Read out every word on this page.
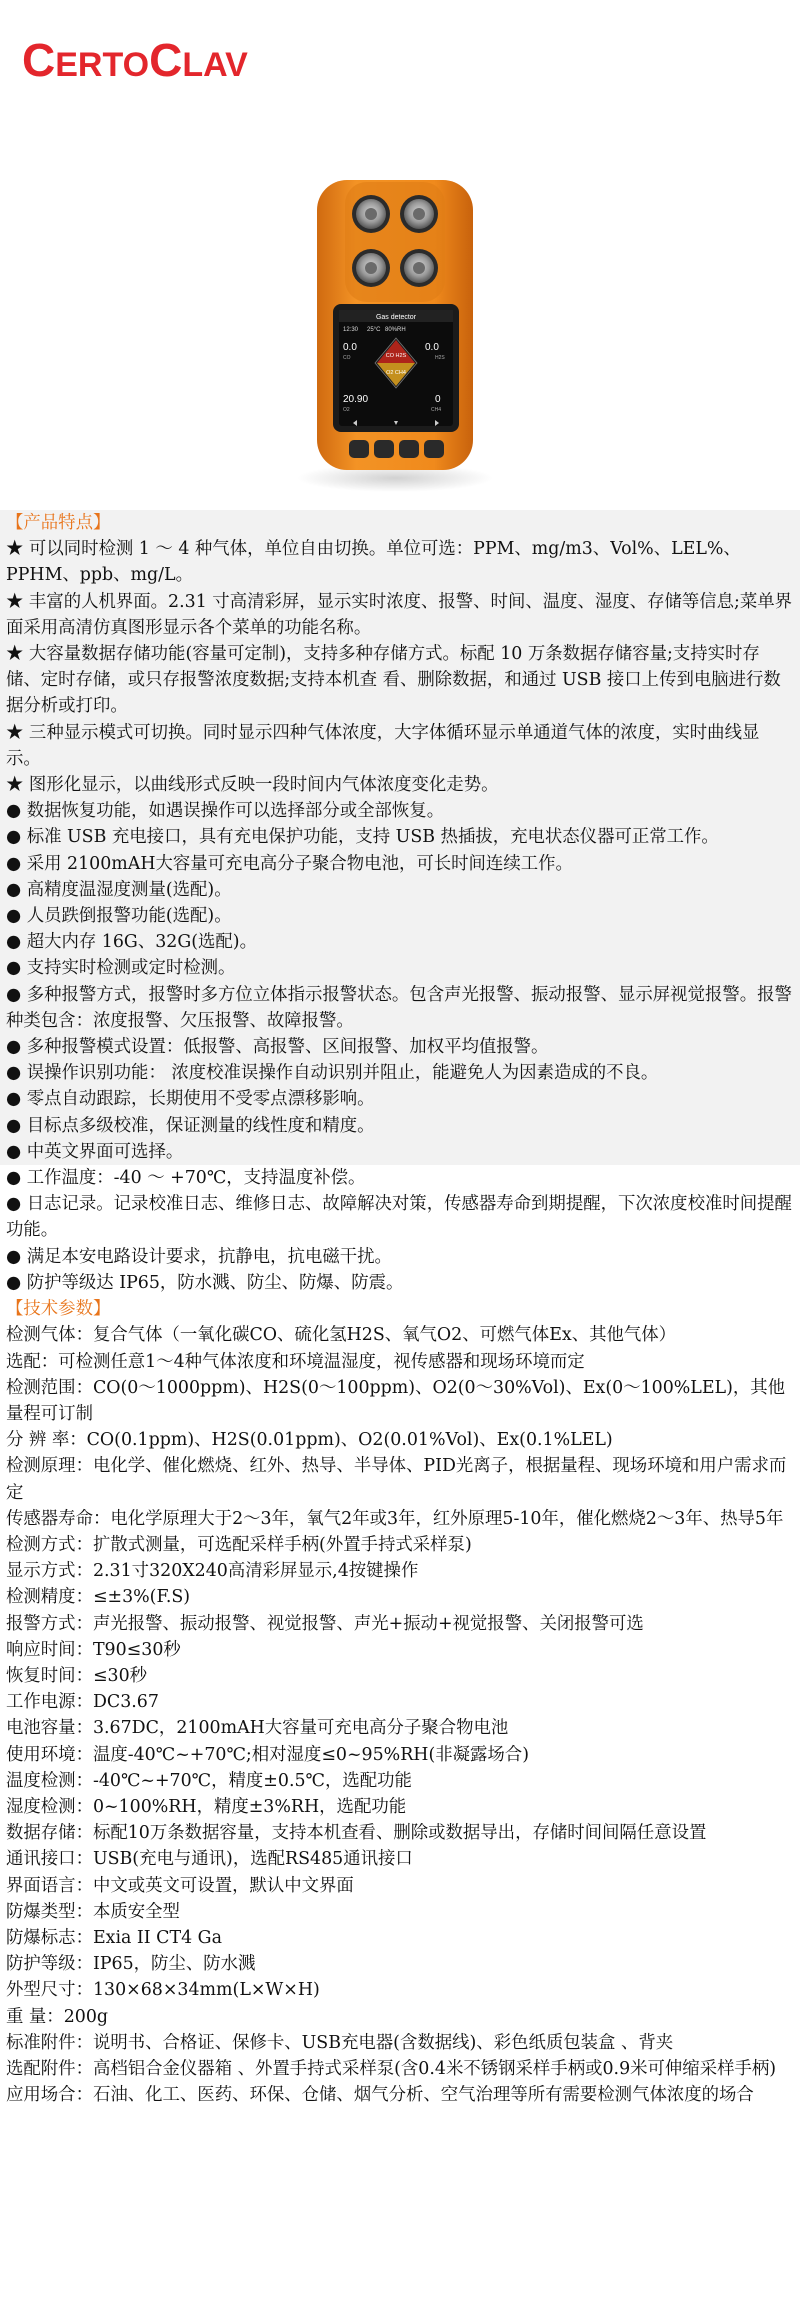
CERTOCLAV
Gas detector
12:30 25°C 80%RH
0.0
CO
0.0
H2S
CO H2S
O2 CH4
20.90
O2
0
CH4

【产品特点】

★ 可以同时检测 1 ～ 4 种气体，单位自由切换。单位可选：PPM、mg/m3、Vol%、LEL%、PPHM、ppb、mg/L。

★ 丰富的人机界面。2.31 寸高清彩屏，显示实时浓度、报警、时间、温度、湿度、存储等信息;菜单界面采用高清仿真图形显示各个菜单的功能名称。

★ 大容量数据存储功能(容量可定制)，支持多种存储方式。标配 10 万条数据存储容量;支持实时存储、定时存储，或只存报警浓度数据;支持本机查 看、删除数据，和通过 USB 接口上传到电脑进行数据分析或打印。

★ 三种显示模式可切换。同时显示四种气体浓度，大字体循环显示单通道气体的浓度，实时曲线显示。

★ 图形化显示，以曲线形式反映一段时间内气体浓度变化走势。

● 数据恢复功能，如遇误操作可以选择部分或全部恢复。

● 标准 USB 充电接口，具有充电保护功能，支持 USB 热插拔，充电状态仪器可正常工作。

● 采用 2100mAH大容量可充电高分子聚合物电池，可长时间连续工作。

● 高精度温湿度测量(选配)。

● 人员跌倒报警功能(选配)。

● 超大内存 16G、32G(选配)。

● 支持实时检测或定时检测。

● 多种报警方式，报警时多方位立体指示报警状态。包含声光报警、振动报警、显示屏视觉报警。报警种类包含：浓度报警、欠压报警、故障报警。

● 多种报警模式设置：低报警、高报警、区间报警、加权平均值报警。

● 误操作识别功能： 浓度校准误操作自动识别并阻止，能避免人为因素造成的不良。

● 零点自动跟踪，长期使用不受零点漂移影响。

● 目标点多级校准，保证测量的线性度和精度。

● 中英文界面可选择。

● 工作温度：-40 ～ +70℃，支持温度补偿。

● 日志记录。记录校准日志、维修日志、故障解决对策，传感器寿命到期提醒，下次浓度校准时间提醒功能。

● 满足本安电路设计要求，抗静电，抗电磁干扰。

● 防护等级达 IP65，防水溅、防尘、防爆、防震。

【技术参数】

检测气体：复合气体（一氧化碳CO、硫化氢H2S、氧气O2、可燃气体Ex、其他气体）

选配：可检测任意1～4种气体浓度和环境温湿度，视传感器和现场环境而定

检测范围：CO(0～1000ppm)、H2S(0～100ppm)、O2(0～30%Vol)、Ex(0～100%LEL)，其他量程可订制

分 辨 率：CO(0.1ppm)、H2S(0.01ppm)、O2(0.01%Vol)、Ex(0.1%LEL)

检测原理：电化学、催化燃烧、红外、热导、半导体、PID光离子，根据量程、现场环境和用户需求而定

传感器寿命：电化学原理大于2～3年，氧气2年或3年，红外原理5-10年，催化燃烧2～3年、热导5年

检测方式：扩散式测量，可选配采样手柄(外置手持式采样泵)

显示方式：2.31寸320X240高清彩屏显示,4按键操作

检测精度：≤±3%(F.S)

报警方式：声光报警、振动报警、视觉报警、声光+振动+视觉报警、关闭报警可选

响应时间：T90≤30秒

恢复时间：≤30秒

工作电源：DC3.67

电池容量：3.67DC，2100mAH大容量可充电高分子聚合物电池

使用环境：温度-40℃~+70℃;相对湿度≤0~95%RH(非凝露场合)

温度检测：-40℃~+70℃，精度±0.5℃，选配功能

湿度检测：0~100%RH，精度±3%RH，选配功能

数据存储：标配10万条数据容量，支持本机查看、删除或数据导出，存储时间间隔任意设置

通讯接口：USB(充电与通讯)，选配RS485通讯接口

界面语言：中文或英文可设置，默认中文界面

防爆类型：本质安全型

防爆标志：Exia II CT4 Ga

防护等级：IP65，防尘、防水溅

外型尺寸：130×68×34mm(L×W×H)

重 量：200g

标准附件：说明书、合格证、保修卡、USB充电器(含数据线)、彩色纸质包装盒 、背夹

选配附件：高档铝合金仪器箱 、外置手持式采样泵(含0.4米不锈钢采样手柄或0.9米可伸缩采样手柄)

应用场合：石油、化工、医药、环保、仓储、烟气分析、空气治理等所有需要检测气体浓度的场合
